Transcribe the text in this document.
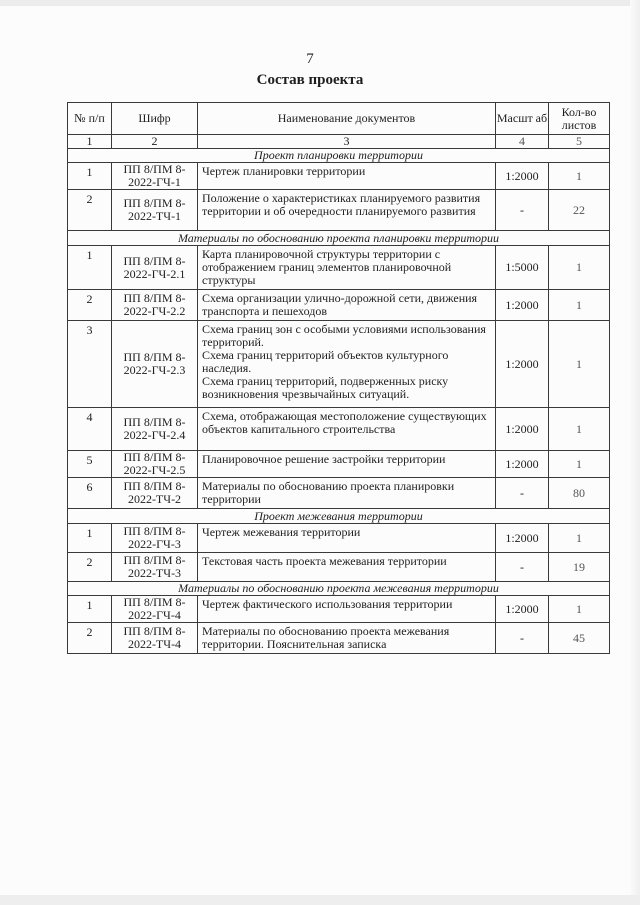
7
Состав проекта
№ п/п	Шифр	Наименование документов	Масшт аб	Кол-во листов
1	2	3	4	5
Проект планировки территории				
1	ПП 8/ПМ 8-2022-ГЧ-1	Чертеж планировки территории	1:2000	1
2	ПП 8/ПМ 8-2022-ТЧ-1	Положение о характеристиках планируемого развития территории и об очередности планируемого развития	-	22
Материалы по обоснованию проекта планировки территории				
1	ПП 8/ПМ 8-2022-ГЧ-2.1	Карта планировочной структуры территории с отображением границ элементов планировочной структуры	1:5000	1
2	ПП 8/ПМ 8-2022-ГЧ-2.2	Схема организации улично-дорожной сети, движения транспорта и пешеходов	1:2000	1
3	ПП 8/ПМ 8-2022-ГЧ-2.3	Схема границ зон с особыми условиями использования территорий.
Схема границ территорий объектов культурного наследия.
Схема границ территорий, подверженных риску возникновения чрезвычайных ситуаций.	1:2000	1
4	ПП 8/ПМ 8-2022-ГЧ-2.4	Схема, отображающая местоположение существующих объектов капитального строительства	1:2000	1
5	ПП 8/ПМ 8-2022-ГЧ-2.5	Планировочное решение застройки территории	1:2000	1
6	ПП 8/ПМ 8-2022-ТЧ-2	Материалы по обоснованию проекта планировки территории	-	80
Проект межевания территории				
1	ПП 8/ПМ 8-2022-ГЧ-3	Чертеж межевания территории	1:2000	1
2	ПП 8/ПМ 8-2022-ТЧ-3	Текстовая часть проекта межевания территории	-	19
Материалы по обоснованию проекта межевания территории				
1	ПП 8/ПМ 8-2022-ГЧ-4	Чертеж фактического использования территории	1:2000	1
2	ПП 8/ПМ 8-2022-ТЧ-4	Материалы по обоснованию проекта межевания территории. Пояснительная записка	-	45
